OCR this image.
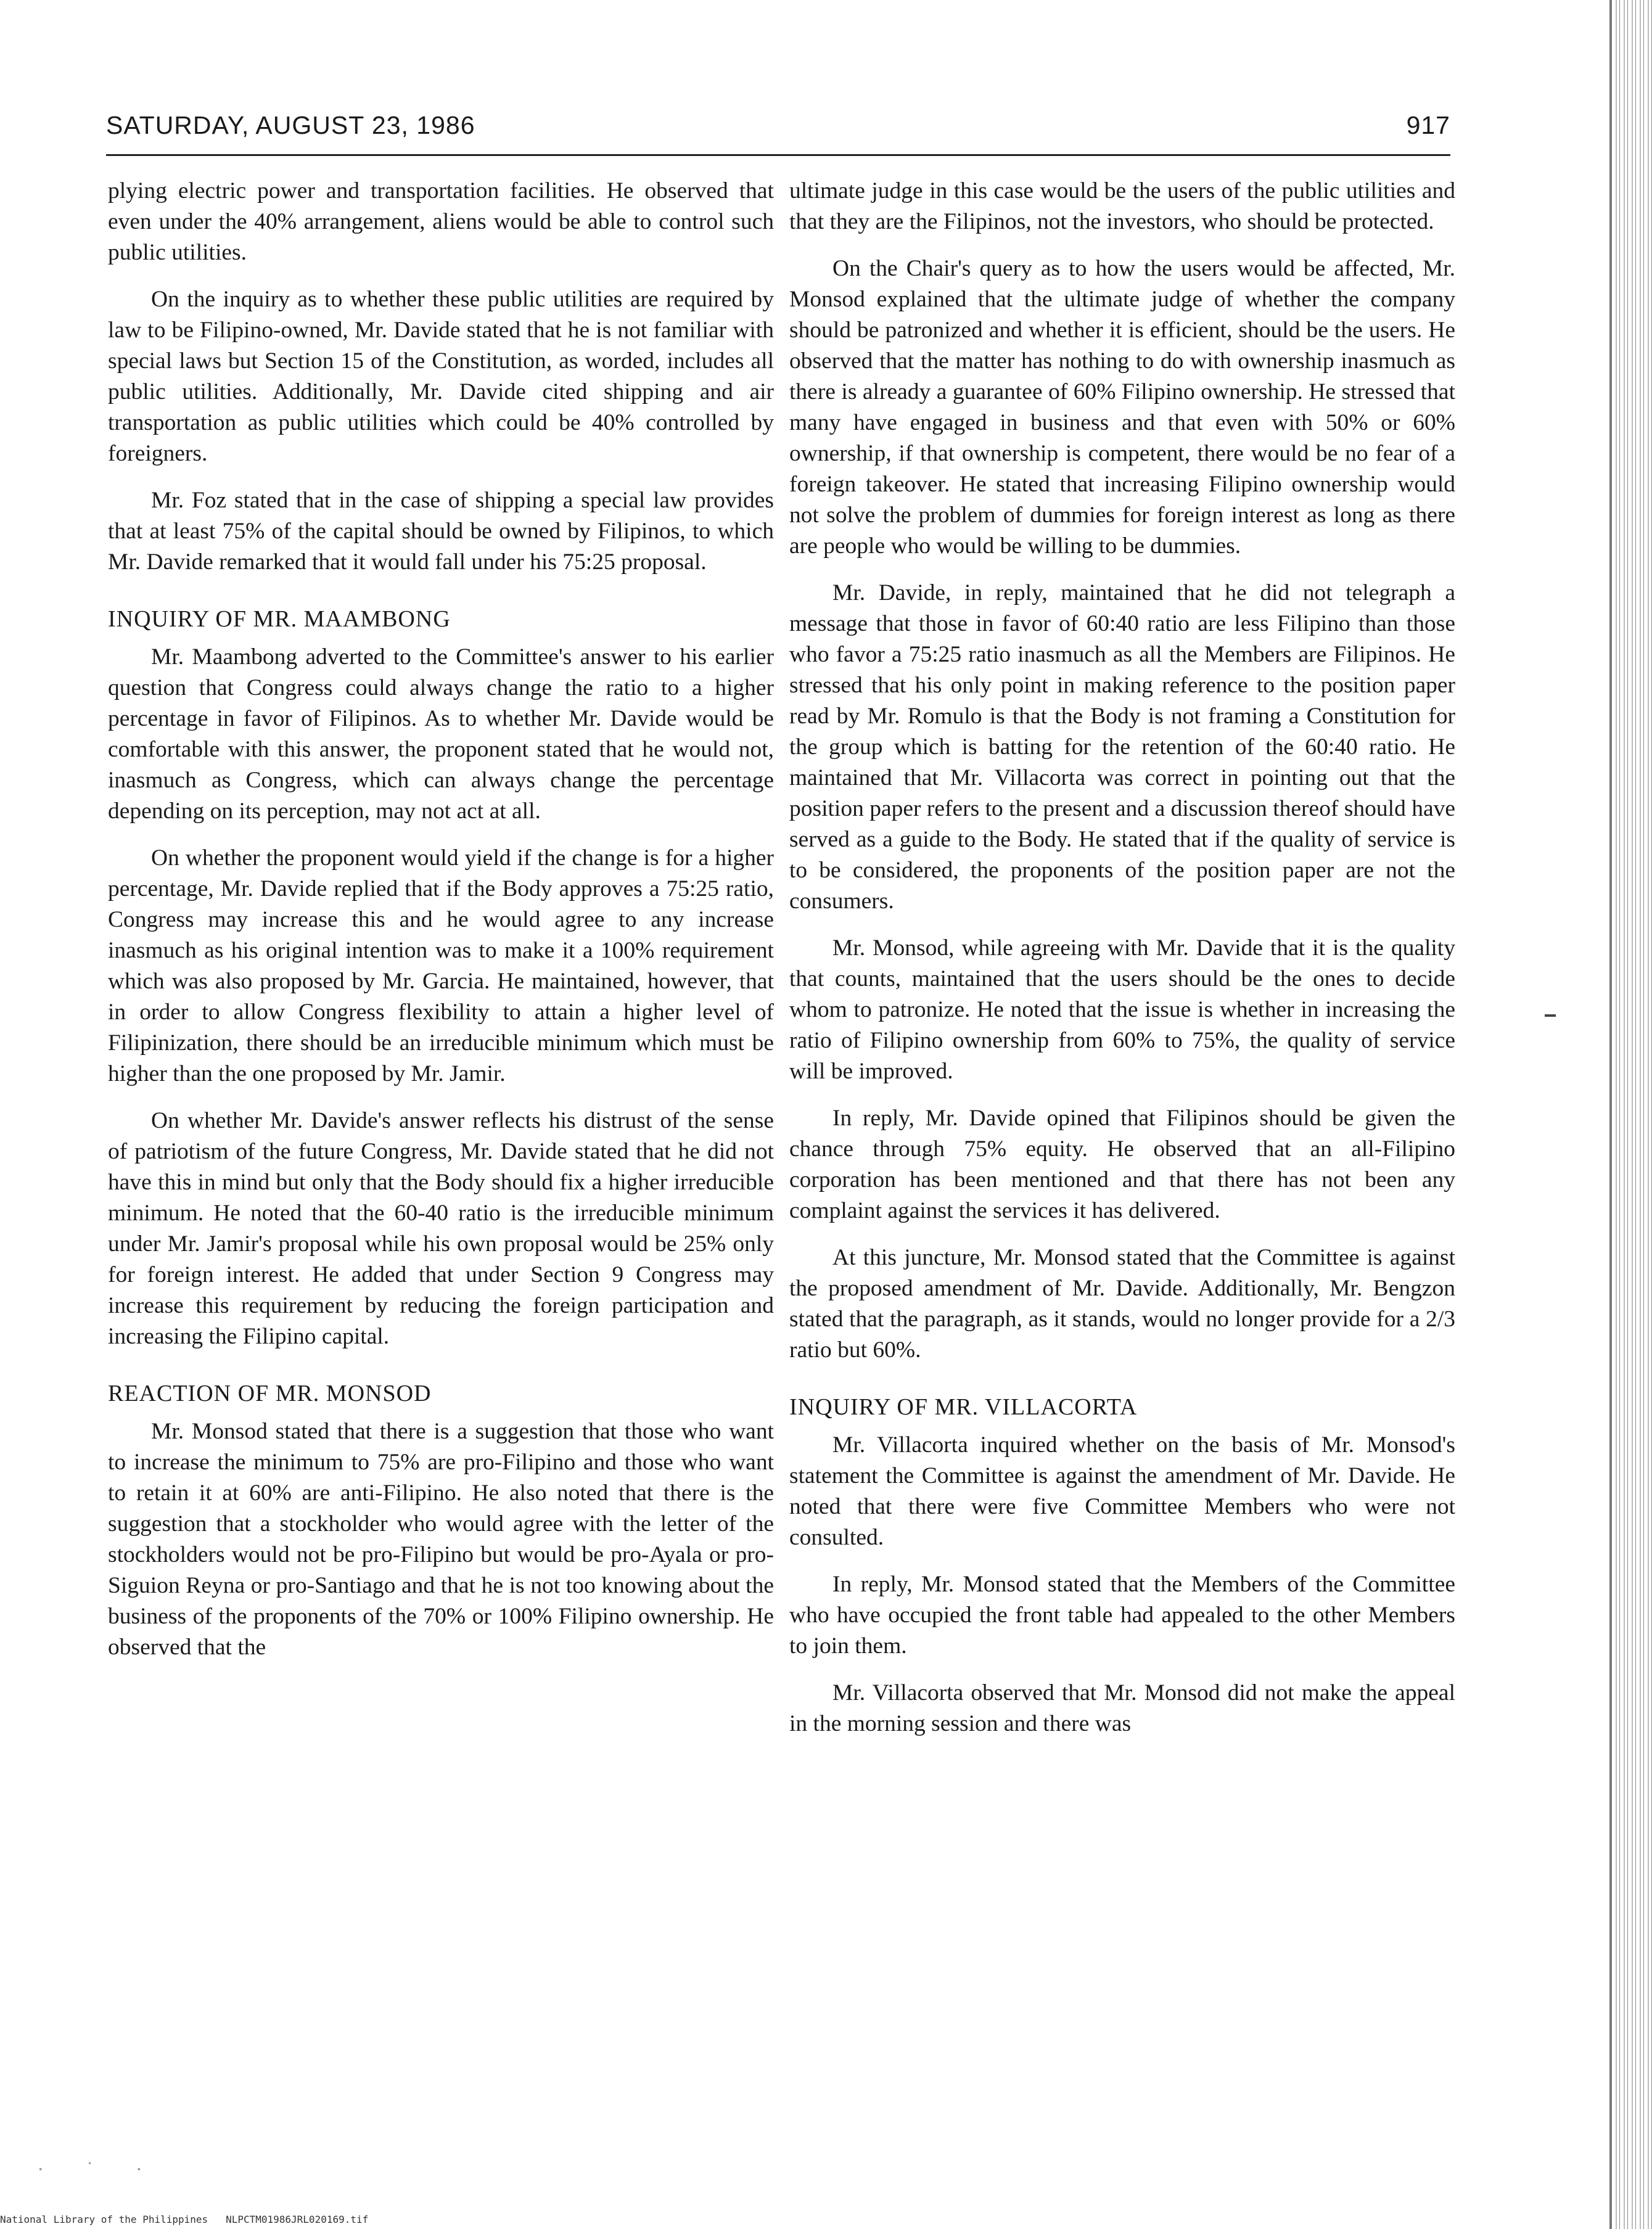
SATURDAY, AUGUST 23, 1986	917

plying electric power and transportation facilities. He observed that even under the 40% arrangement, aliens would be able to control such public utilities.

On the inquiry as to whether these public utilities are required by law to be Filipino-owned, Mr. Davide stated that he is not familiar with special laws but Section 15 of the Constitution, as worded, includes all public utilities. Additionally, Mr. Davide cited shipping and air transportation as public utilities which could be 40% controlled by foreigners.

Mr. Foz stated that in the case of shipping a special law provides that at least 75% of the capital should be owned by Filipinos, to which Mr. Davide remarked that it would fall under his 75:25 proposal.

INQUIRY OF MR. MAAMBONG

Mr. Maambong adverted to the Committee's answer to his earlier question that Congress could always change the ratio to a higher percentage in favor of Filipinos. As to whether Mr. Davide would be comfortable with this answer, the proponent stated that he would not, inasmuch as Congress, which can always change the percentage depending on its perception, may not act at all.

On whether the proponent would yield if the change is for a higher percentage, Mr. Davide replied that if the Body approves a 75:25 ratio, Congress may increase this and he would agree to any increase inasmuch as his original intention was to make it a 100% requirement which was also proposed by Mr. Garcia. He maintained, however, that in order to allow Congress flexibility to attain a higher level of Filipinization, there should be an irreducible minimum which must be higher than the one proposed by Mr. Jamir.

On whether Mr. Davide's answer reflects his distrust of the sense of patriotism of the future Congress, Mr. Davide stated that he did not have this in mind but only that the Body should fix a higher irreducible minimum. He noted that the 60-40 ratio is the irreducible minimum under Mr. Jamir's proposal while his own proposal would be 25% only for foreign interest. He added that under Section 9 Congress may increase this requirement by reducing the foreign participation and increasing the Filipino capital.

REACTION OF MR. MONSOD

Mr. Monsod stated that there is a suggestion that those who want to increase the minimum to 75% are pro-Filipino and those who want to retain it at 60% are anti-Filipino. He also noted that there is the suggestion that a stockholder who would agree with the letter of the stockholders would not be pro-Filipino but would be pro-Ayala or pro-Siguion Reyna or pro-Santiago and that he is not too knowing about the business of the proponents of the 70% or 100% Filipino ownership. He observed that the

ultimate judge in this case would be the users of the public utilities and that they are the Filipinos, not the investors, who should be protected.

On the Chair's query as to how the users would be affected, Mr. Monsod explained that the ultimate judge of whether the company should be patronized and whether it is efficient, should be the users. He observed that the matter has nothing to do with ownership inasmuch as there is already a guarantee of 60% Filipino ownership. He stressed that many have engaged in business and that even with 50% or 60% ownership, if that ownership is competent, there would be no fear of a foreign takeover. He stated that increasing Filipino ownership would not solve the problem of dummies for foreign interest as long as there are people who would be willing to be dummies.

Mr. Davide, in reply, maintained that he did not telegraph a message that those in favor of 60:40 ratio are less Filipino than those who favor a 75:25 ratio inasmuch as all the Members are Filipinos. He stressed that his only point in making reference to the position paper read by Mr. Romulo is that the Body is not framing a Constitution for the group which is batting for the retention of the 60:40 ratio. He maintained that Mr. Villacorta was correct in pointing out that the position paper refers to the present and a discussion thereof should have served as a guide to the Body. He stated that if the quality of service is to be considered, the proponents of the position paper are not the consumers.

Mr. Monsod, while agreeing with Mr. Davide that it is the quality that counts, maintained that the users should be the ones to decide whom to patronize. He noted that the issue is whether in increasing the ratio of Filipino ownership from 60% to 75%, the quality of service will be improved.

In reply, Mr. Davide opined that Filipinos should be given the chance through 75% equity. He observed that an all-Filipino corporation has been mentioned and that there has not been any complaint against the services it has delivered.

At this juncture, Mr. Monsod stated that the Committee is against the proposed amendment of Mr. Davide. Additionally, Mr. Bengzon stated that the paragraph, as it stands, would no longer provide for a 2/3 ratio but 60%.

INQUIRY OF MR. VILLACORTA

Mr. Villacorta inquired whether on the basis of Mr. Monsod's statement the Committee is against the amendment of Mr. Davide. He noted that there were five Committee Members who were not consulted.

In reply, Mr. Monsod stated that the Members of the Committee who have occupied the front table had appealed to the other Members to join them.

Mr. Villacorta observed that Mr. Monsod did not make the appeal in the morning session and there was

· ˙ ·
National Library of the Philippines NLPCTM01986JRL020169.tif
